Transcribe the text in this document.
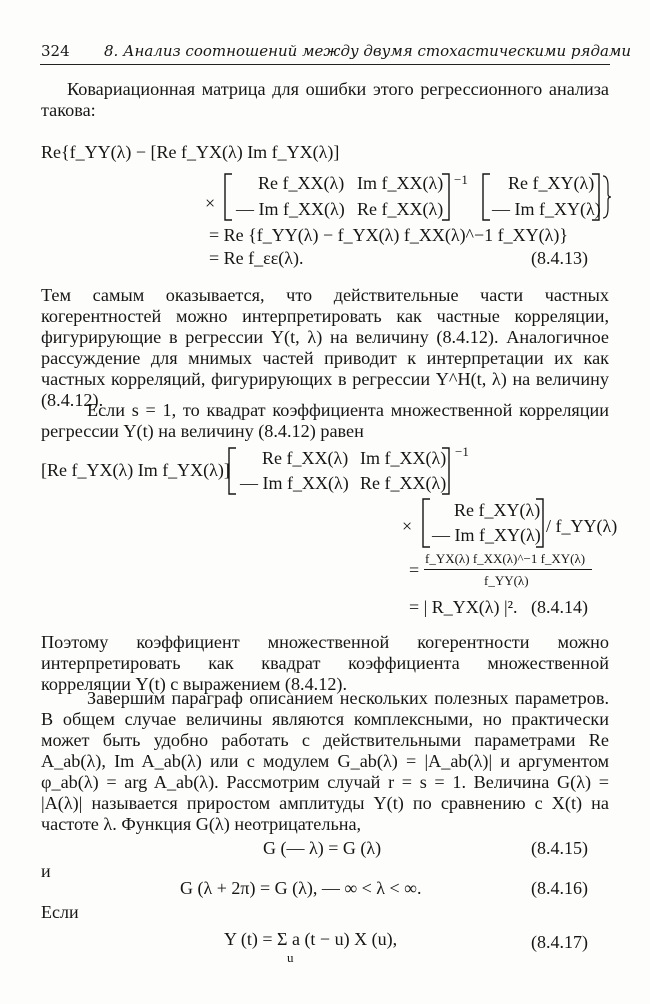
324 8. Анализ соотношений между двумя стохастическими рядами
Ковариационная матрица для ошибки этого регрессионного анализа такова:
Re{f_YY(λ) − [Re f_YX(λ) Im f_YX(λ)]
×
Re f_XX(λ) Im f_XX(λ)
— Im f_XX(λ) Re f_XX(λ)
−1 Re f_XY(λ)
— Im f_XY(λ)
= Re {f_YY(λ) − f_YX(λ) f_XX(λ)^−1 f_XY(λ)}
= Re f_εε(λ).	(8.4.13)
Тем самым оказывается, что действительные части частных когерентностей можно интерпретировать как частные корреляции, фигурирующие в регрессии Y(t, λ) на величину (8.4.12). Аналогичное рассуждение для мнимых частей приводит к интерпретации их как частных корреляций, фигурирующих в регрессии Y^H(t, λ) на величину (8.4.12).
Если s = 1, то квадрат коэффициента множественной корреляции регрессии Y(t) на величину (8.4.12) равен
[Re f_YX(λ) Im f_YX(λ)]
Re f_XX(λ) Im f_XX(λ)
— Im f_XX(λ) Re f_XX(λ)
−1
×
Re f_XY(λ)
— Im f_XY(λ) / f_YY(λ)
=
f_YX(λ) f_XX(λ)^−1 f_XY(λ)
f_YY(λ)
= | R_YX(λ) |². (8.4.14)
Поэтому коэффициент множественной когерентности можно интерпретировать как квадрат коэффициента множественной корреляции Y(t) с выражением (8.4.12).
Завершим параграф описанием нескольких полезных параметров. В общем случае величины являются комплексными, но практически может быть удобно работать с действительными параметрами Re A_ab(λ), Im A_ab(λ) или с модулем G_ab(λ) = |A_ab(λ)| и аргументом φ_ab(λ) = arg A_ab(λ). Рассмотрим случай r = s = 1. Величина G(λ) = |A(λ)| называется приростом амплитуды Y(t) по сравнению с X(t) на частоте λ. Функция G(λ) неотрицательна,
G (— λ) = G (λ)	(8.4.15)
и
G (λ + 2π) = G (λ), — ∞ < λ < ∞.	(8.4.16)
Если
Y (t) = Σ a (t − u) X (u),
u
(8.4.17)
